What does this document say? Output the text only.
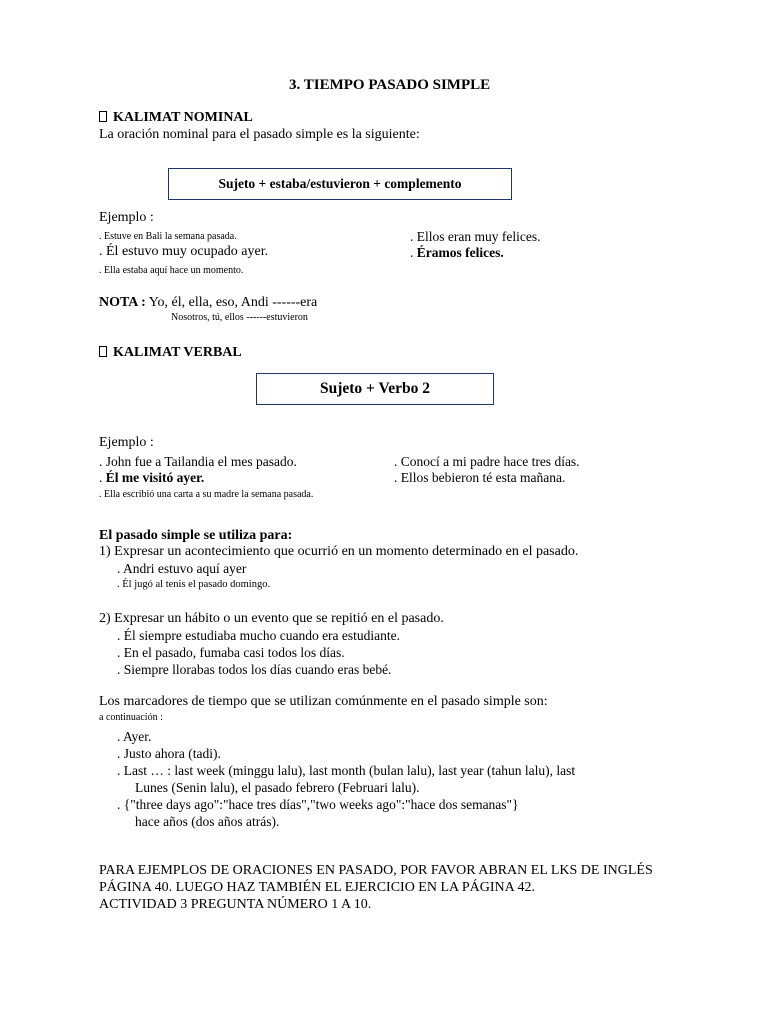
3. TIEMPO PASADO SIMPLE
KALIMAT NOMINAL
La oración nominal para el pasado simple es la siguiente:
Sujeto + estaba/estuvieron + complemento
Ejemplo :
. Estuve en Bali la semana pasada.
. Él estuvo muy ocupado ayer.
. Ella estaba aquí hace un momento.
. Ellos eran muy felices.
. Éramos felices.
NOTA : Yo, él, ella, eso, Andi ------era
Nosotros, tú, ellos ------estuvieron
KALIMAT VERBAL
Sujeto + Verbo 2
Ejemplo :
. John fue a Tailandia el mes pasado.
. Él me visitó ayer.
. Ella escribió una carta a su madre la semana pasada.
. Conocí a mi padre hace tres días.
. Ellos bebieron té esta mañana.
El pasado simple se utiliza para:
1) Expresar un acontecimiento que ocurrió en un momento determinado en el pasado.
. Andri estuvo aquí ayer
. Él jugó al tenis el pasado domingo.
2) Expresar un hábito o un evento que se repitió en el pasado.
. Él siempre estudiaba mucho cuando era estudiante.
. En el pasado, fumaba casi todos los días.
. Siempre llorabas todos los días cuando eras bebé.
Los marcadores de tiempo que se utilizan comúnmente en el pasado simple son:
a continuación :
. Ayer.
. Justo ahora (tadi).
. Last … : last week (minggu lalu), last month (bulan lalu), last year (tahun lalu), last
Lunes (Senin lalu), el pasado febrero (Februari lalu).
. {"three days ago":"hace tres días","two weeks ago":"hace dos semanas"}
hace años (dos años atrás).
PARA EJEMPLOS DE ORACIONES EN PASADO, POR FAVOR ABRAN EL LKS DE INGLÉS
PÁGINA 40. LUEGO HAZ TAMBIÉN EL EJERCICIO EN LA PÁGINA 42.
ACTIVIDAD 3 PREGUNTA NÚMERO 1 A 10.
